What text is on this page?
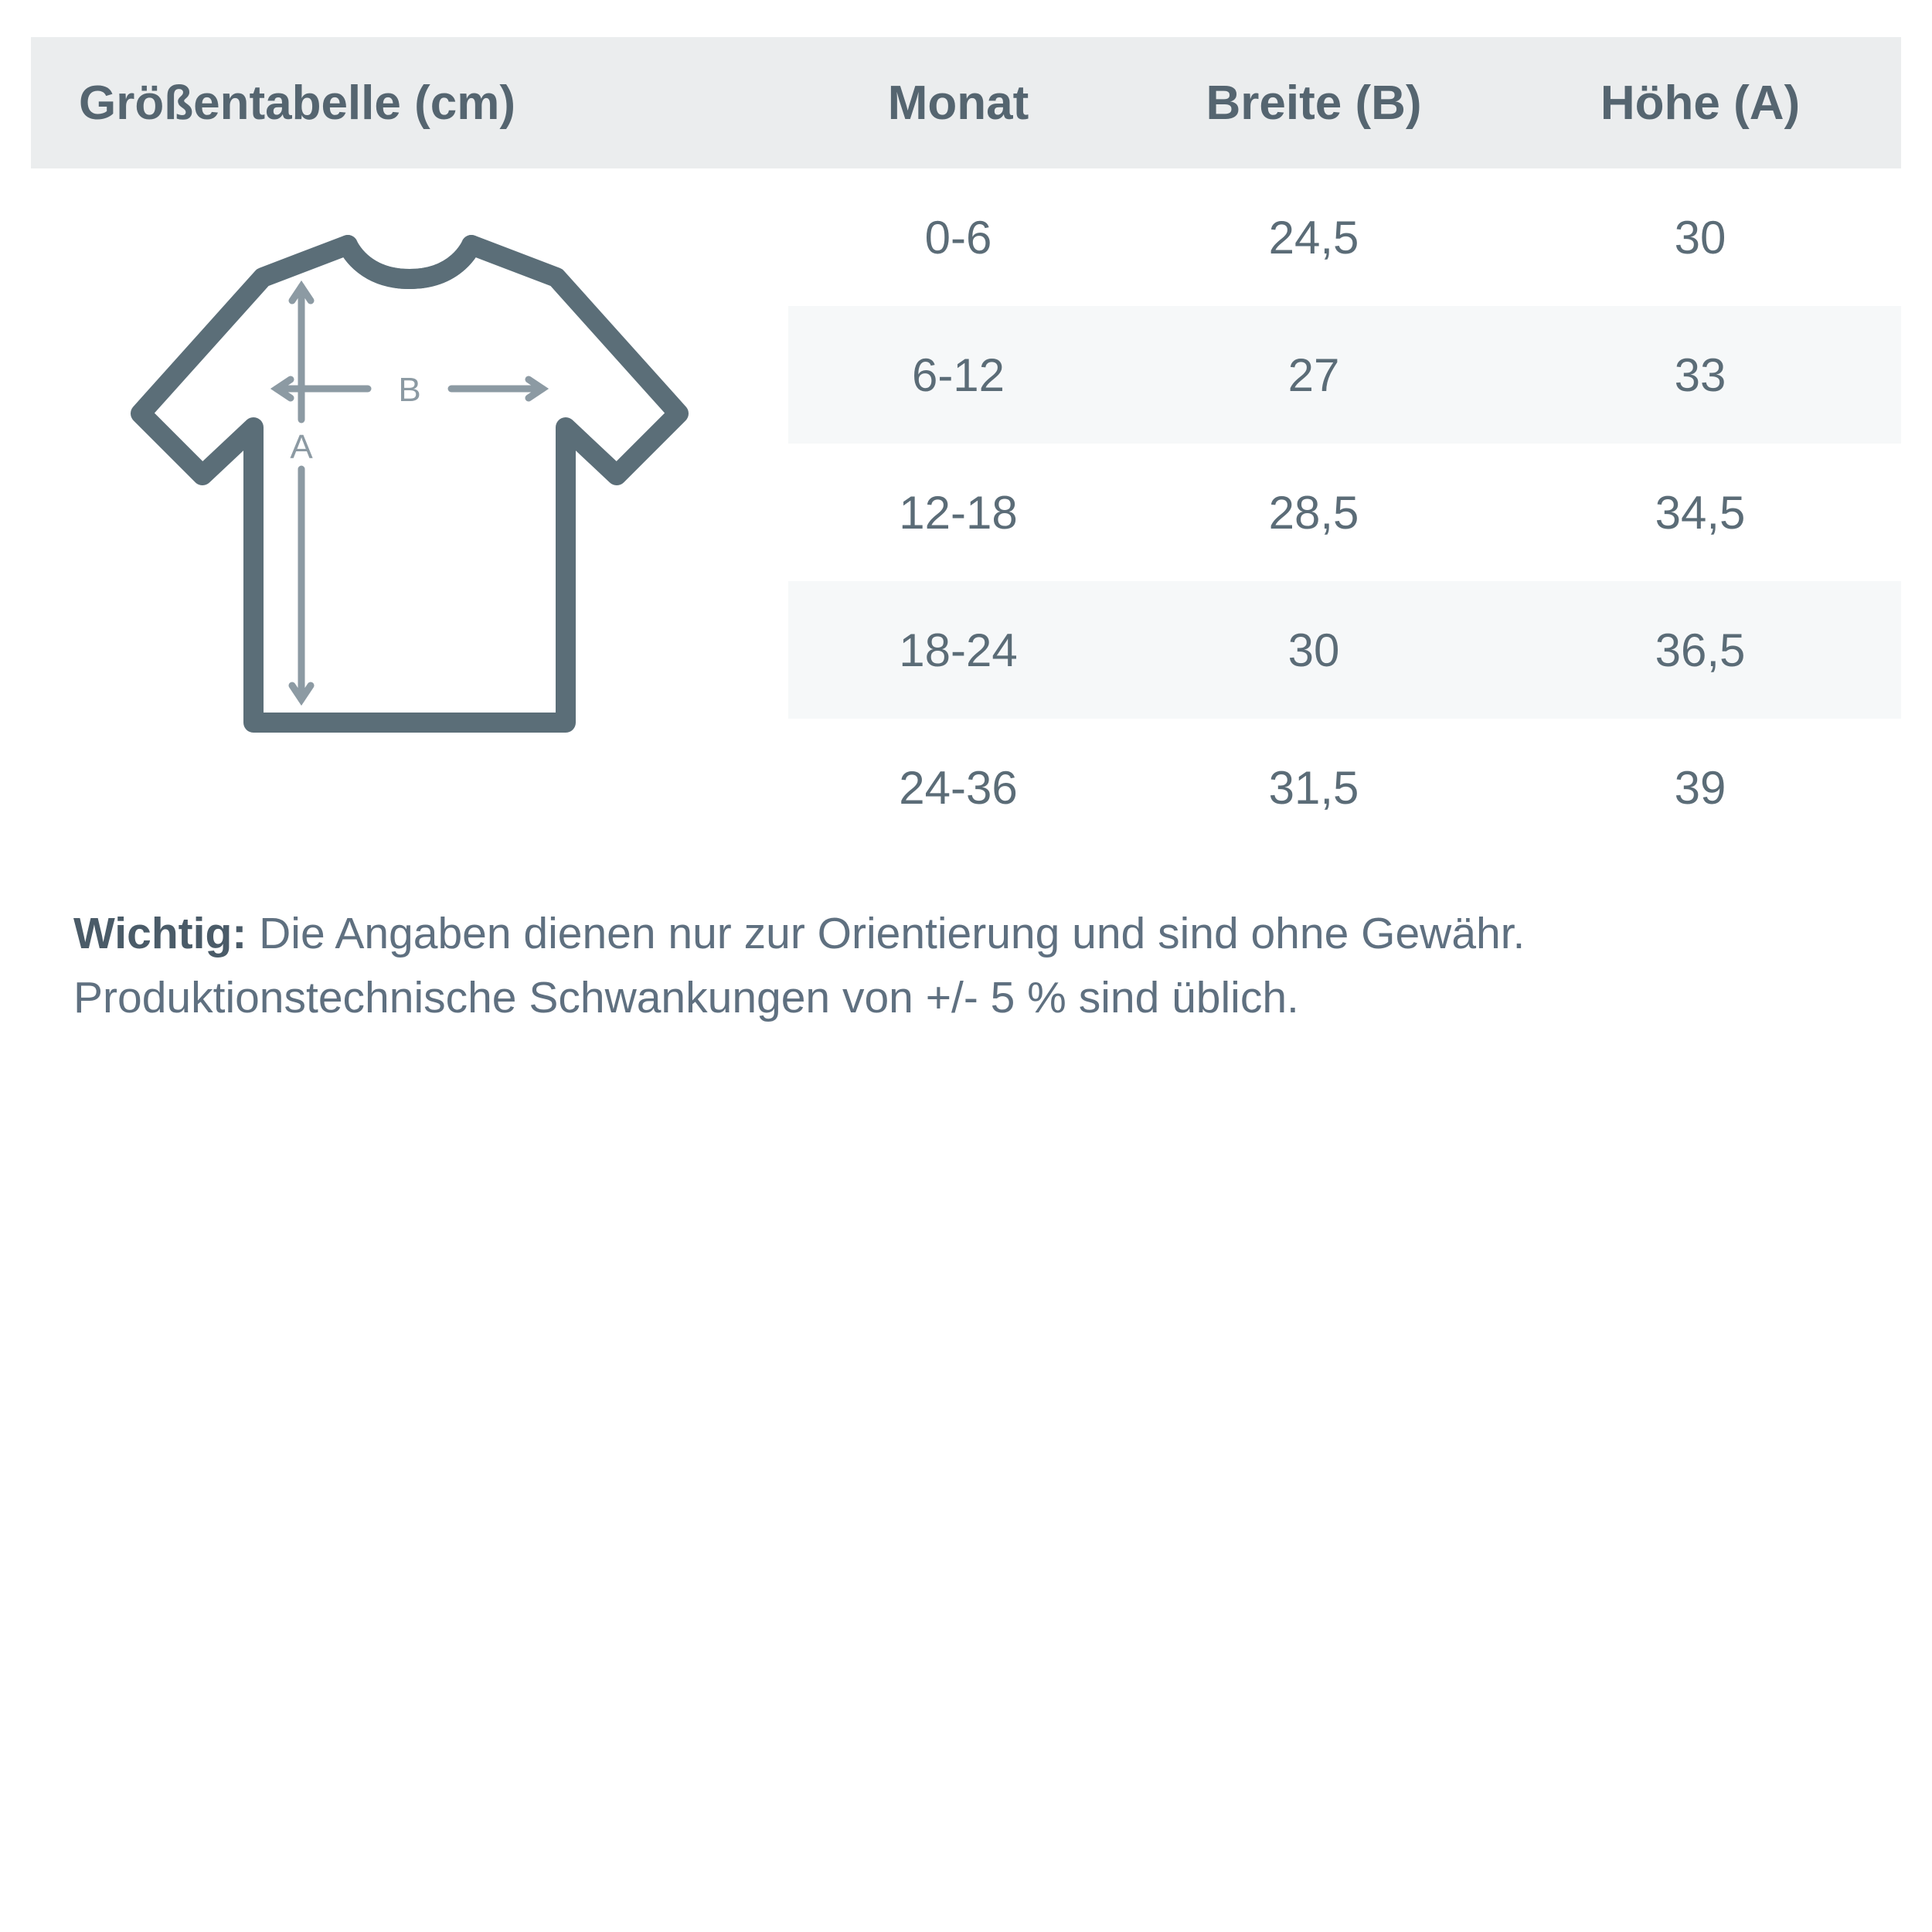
Größentabelle (cm)	Monat	Breite (B)	Höhe (A)
	0-6	24,5	30
	6-12	27	33
	12-18	28,5	34,5
	18-24	30	36,5
	24-36	31,5	39
B
A

Wichtig: Die Angaben dienen nur zur Orientierung und sind ohne Gewähr. Produktionstechnische Schwankungen von +/- 5 % sind üblich.
